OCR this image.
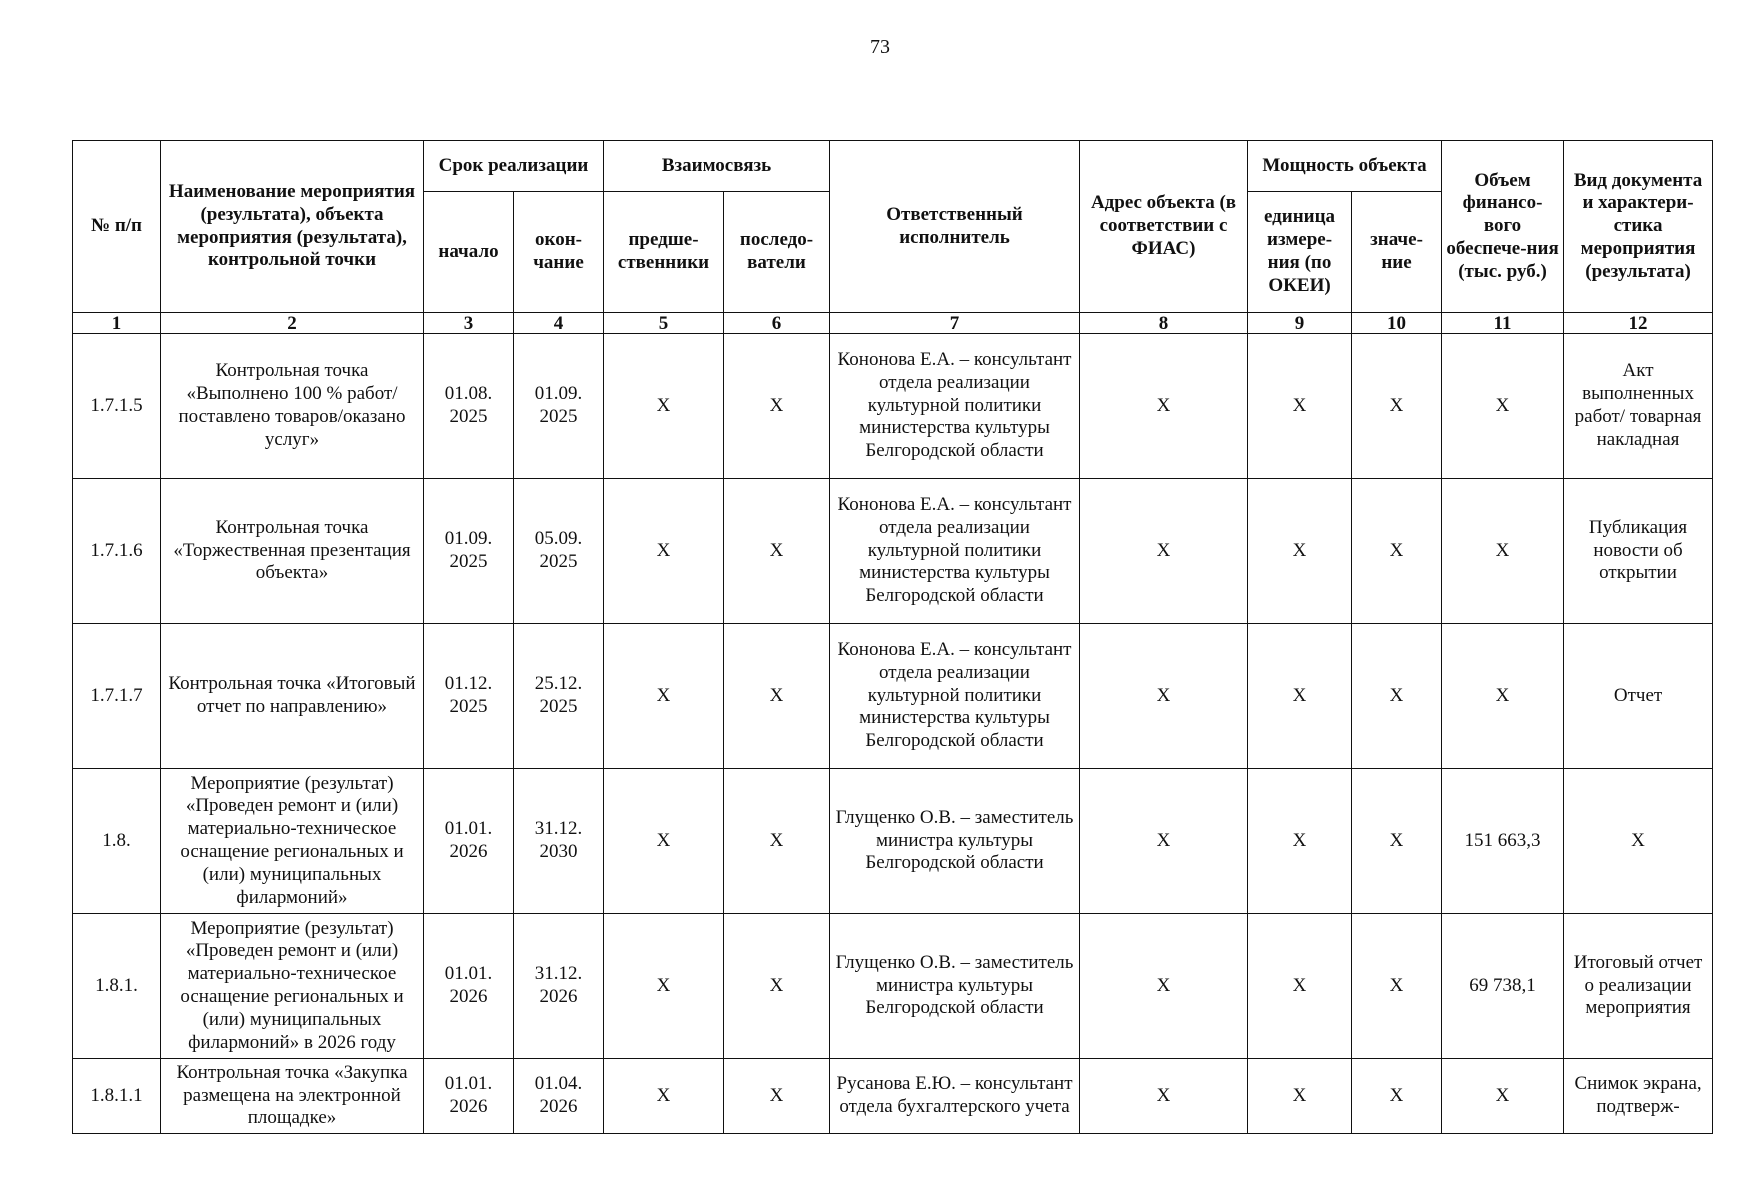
73
№ п/п	Наименование мероприятия (результата), объекта мероприятия (результата), контрольной точки	Срок реализации		Взаимосвязь		Ответственный исполнитель	Адрес объекта (в соответствии с ФИАС)	Мощность объекта		Объем финансо-вого обеспече-ния (тыс. руб.)	Вид документа и характери-стика мероприятия (результата)
		начало	окон-чание	предше-ственники	последо-ватели			единица измере-ния (по ОКЕИ)	значе-ние		
1	2	3	4	5	6	7	8	9	10	11	12
1.7.1.5	Контрольная точка «Выполнено 100 % работ/поставлено товаров/оказано услуг»	01.08. 2025	01.09. 2025	X	X	Кононова Е.А. – консультант отдела реализации культурной политики министерства культуры Белгородской области	X	X	X	X	Акт выполненных работ/ товарная накладная
1.7.1.6	Контрольная точка «Торжественная презентация объекта»	01.09. 2025	05.09. 2025	X	X	Кононова Е.А. – консультант отдела реализации культурной политики министерства культуры Белгородской области	X	X	X	X	Публикация новости об открытии
1.7.1.7	Контрольная точка «Итоговый отчет по направлению»	01.12. 2025	25.12. 2025	X	X	Кононова Е.А. – консультант отдела реализации культурной политики министерства культуры Белгородской области	X	X	X	X	Отчет
1.8.	Мероприятие (результат) «Проведен ремонт и (или) материально-техническое оснащение региональных и (или) муниципальных филармоний»	01.01. 2026	31.12. 2030	X	X	Глущенко О.В. – заместитель министра культуры Белгородской области	X	X	X	151 663,3	X
1.8.1.	Мероприятие (результат) «Проведен ремонт и (или) материально-техническое оснащение региональных и (или) муниципальных филармоний» в 2026 году	01.01. 2026	31.12. 2026	X	X	Глущенко О.В. – заместитель министра культуры Белгородской области	X	X	X	69 738,1	Итоговый отчет о реализации мероприятия
1.8.1.1	Контрольная точка «Закупка размещена на электронной площадке»	01.01. 2026	01.04. 2026	X	X	Русанова Е.Ю. – консультант отдела бухгалтерского учета	X	X	X	X	Снимок экрана, подтверж-
